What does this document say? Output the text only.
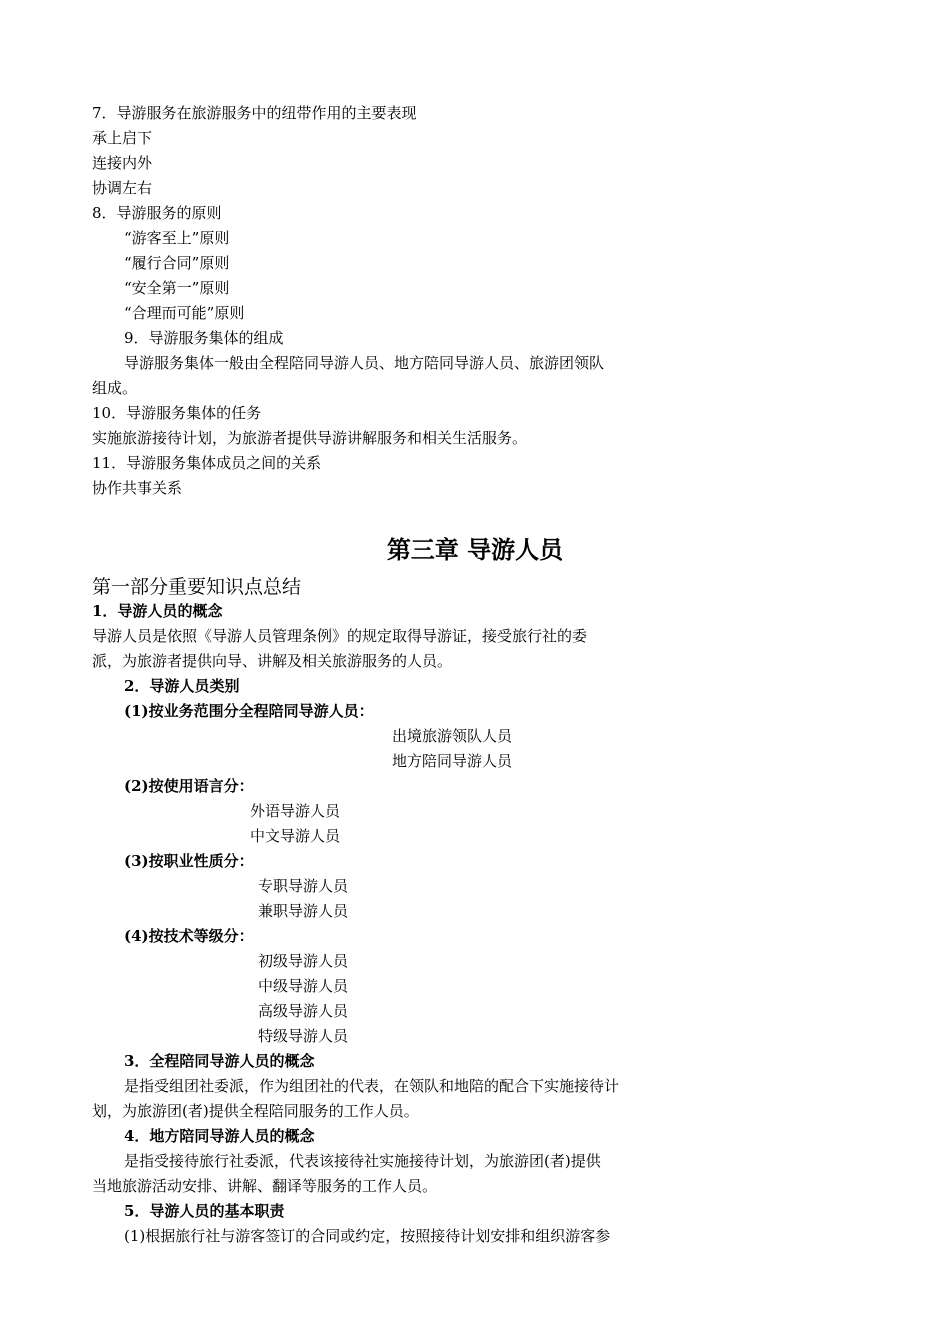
7．导游服务在旅游服务中的纽带作用的主要表现
承上启下
连接内外
协调左右
8．导游服务的原则
“游客至上”原则
“履行合同”原则
“安全第一”原则
“合理而可能”原则
9．导游服务集体的组成
导游服务集体一般由全程陪同导游人员、地方陪同导游人员、旅游团领队
组成。
10．导游服务集体的任务
实施旅游接待计划，为旅游者提供导游讲解服务和相关生活服务。
11．导游服务集体成员之间的关系
协作共事关系
第三章 导游人员
第一部分重要知识点总结
1．导游人员的概念
导游人员是依照《导游人员管理条例》的规定取得导游证，接受旅行社的委
派，为旅游者提供向导、讲解及相关旅游服务的人员。
2．导游人员类别
(1)按业务范围分全程陪同导游人员：
出境旅游领队人员
地方陪同导游人员
(2)按使用语言分：
外语导游人员
中文导游人员
(3)按职业性质分：
专职导游人员
兼职导游人员
(4)按技术等级分：
初级导游人员
中级导游人员
高级导游人员
特级导游人员
3．全程陪同导游人员的概念
是指受组团社委派，作为组团社的代表，在领队和地陪的配合下实施接待计
划，为旅游团(者)提供全程陪同服务的工作人员。
4．地方陪同导游人员的概念
是指受接待旅行社委派，代表该接待社实施接待计划，为旅游团(者)提供
当地旅游活动安排、讲解、翻译等服务的工作人员。
5．导游人员的基本职责
(1)根据旅行社与游客签订的合同或约定，按照接待计划安排和组织游客参
